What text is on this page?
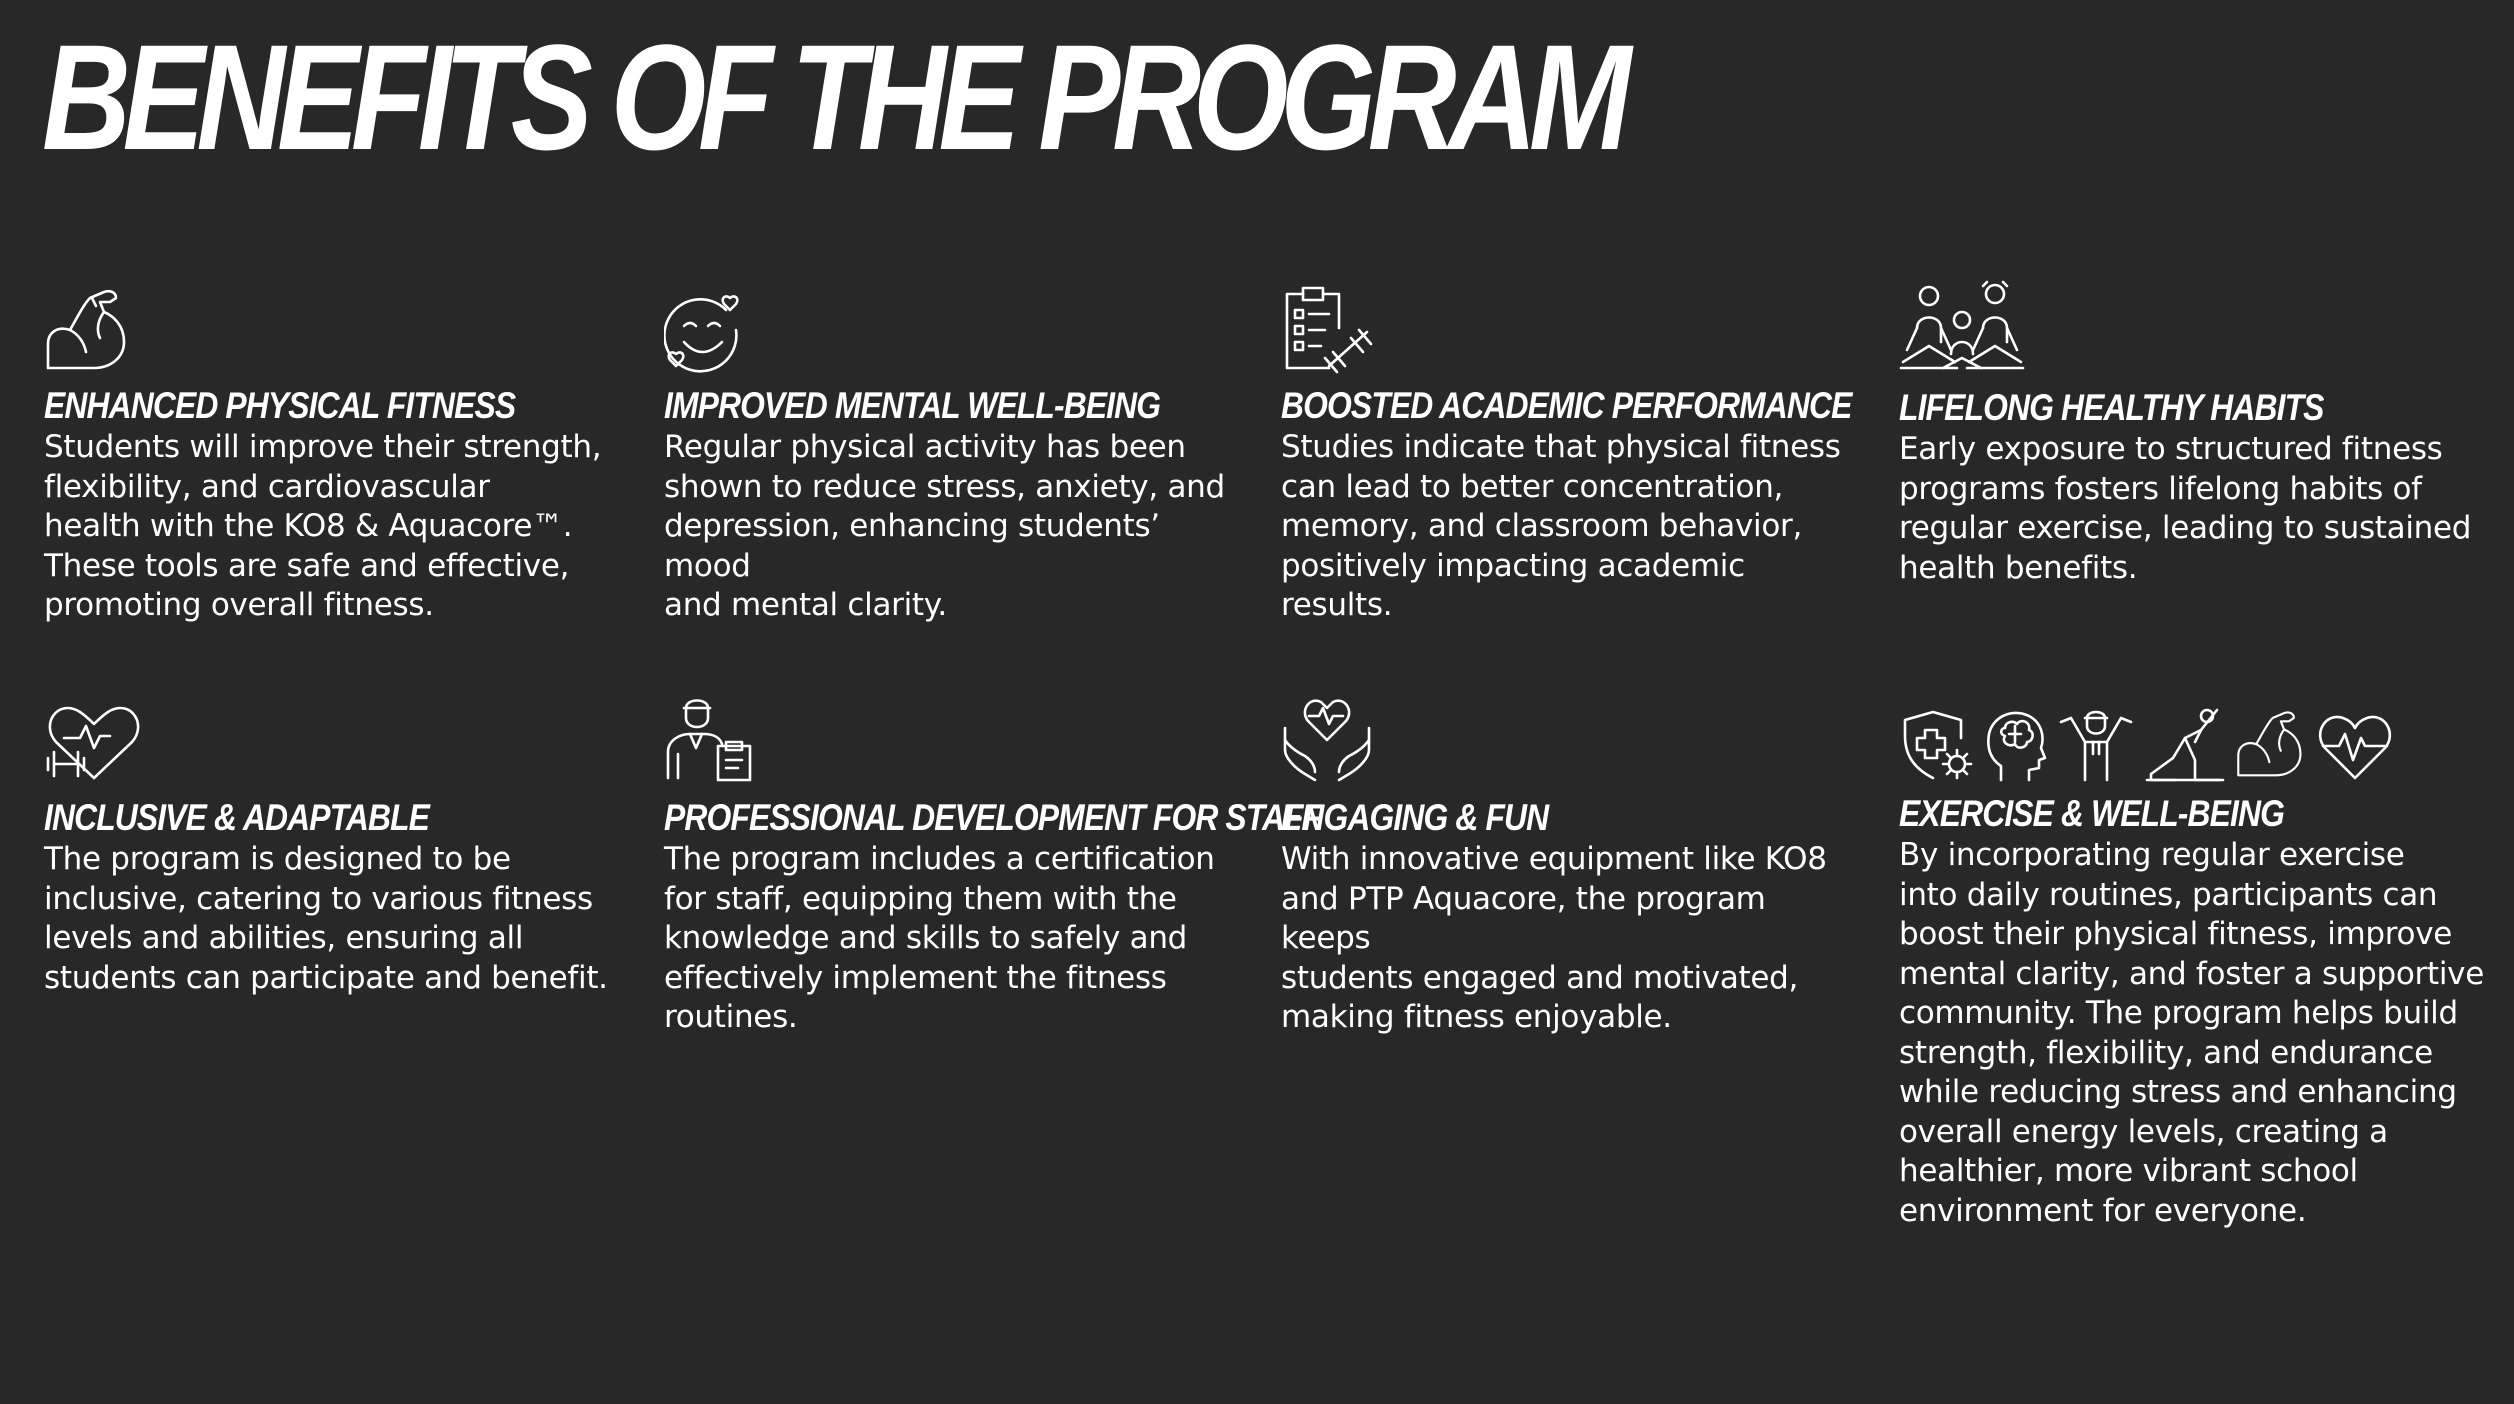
BENEFITS OF THE PROGRAM
ENHANCED PHYSICAL FITNESS

Students will improve their strength,
flexibility, and cardiovascular
health with the KO8 & Aquacore™.
These tools are safe and effective,
promoting overall fitness.

IMPROVED MENTAL WELL-BEING

Regular physical activity has been
shown to reduce stress, anxiety, and
depression, enhancing students’ mood
and mental clarity.

BOOSTED ACADEMIC PERFORMANCE

Studies indicate that physical fitness
can lead to better concentration,
memory, and classroom behavior,
positively impacting academic results.

LIFELONG HEALTHY HABITS

Early exposure to structured fitness
programs fosters lifelong habits of
regular exercise, leading to sustained
health benefits.

INCLUSIVE & ADAPTABLE

The program is designed to be
inclusive, catering to various fitness
levels and abilities, ensuring all
students can participate and benefit.

PROFESSIONAL DEVELOPMENT FOR STAFF

The program includes a certification
for staff, equipping them with the
knowledge and skills to safely and
effectively implement the fitness
routines.

ENGAGING & FUN

With innovative equipment like KO8
and PTP Aquacore, the program keeps
students engaged and motivated,
making fitness enjoyable.

EXERCISE & WELL-BEING

By incorporating regular exercise
into daily routines, participants can
boost their physical fitness, improve
mental clarity, and foster a supportive
community. The program helps build
strength, flexibility, and endurance
while reducing stress and enhancing
overall energy levels, creating a
healthier, more vibrant school
environment for everyone.
